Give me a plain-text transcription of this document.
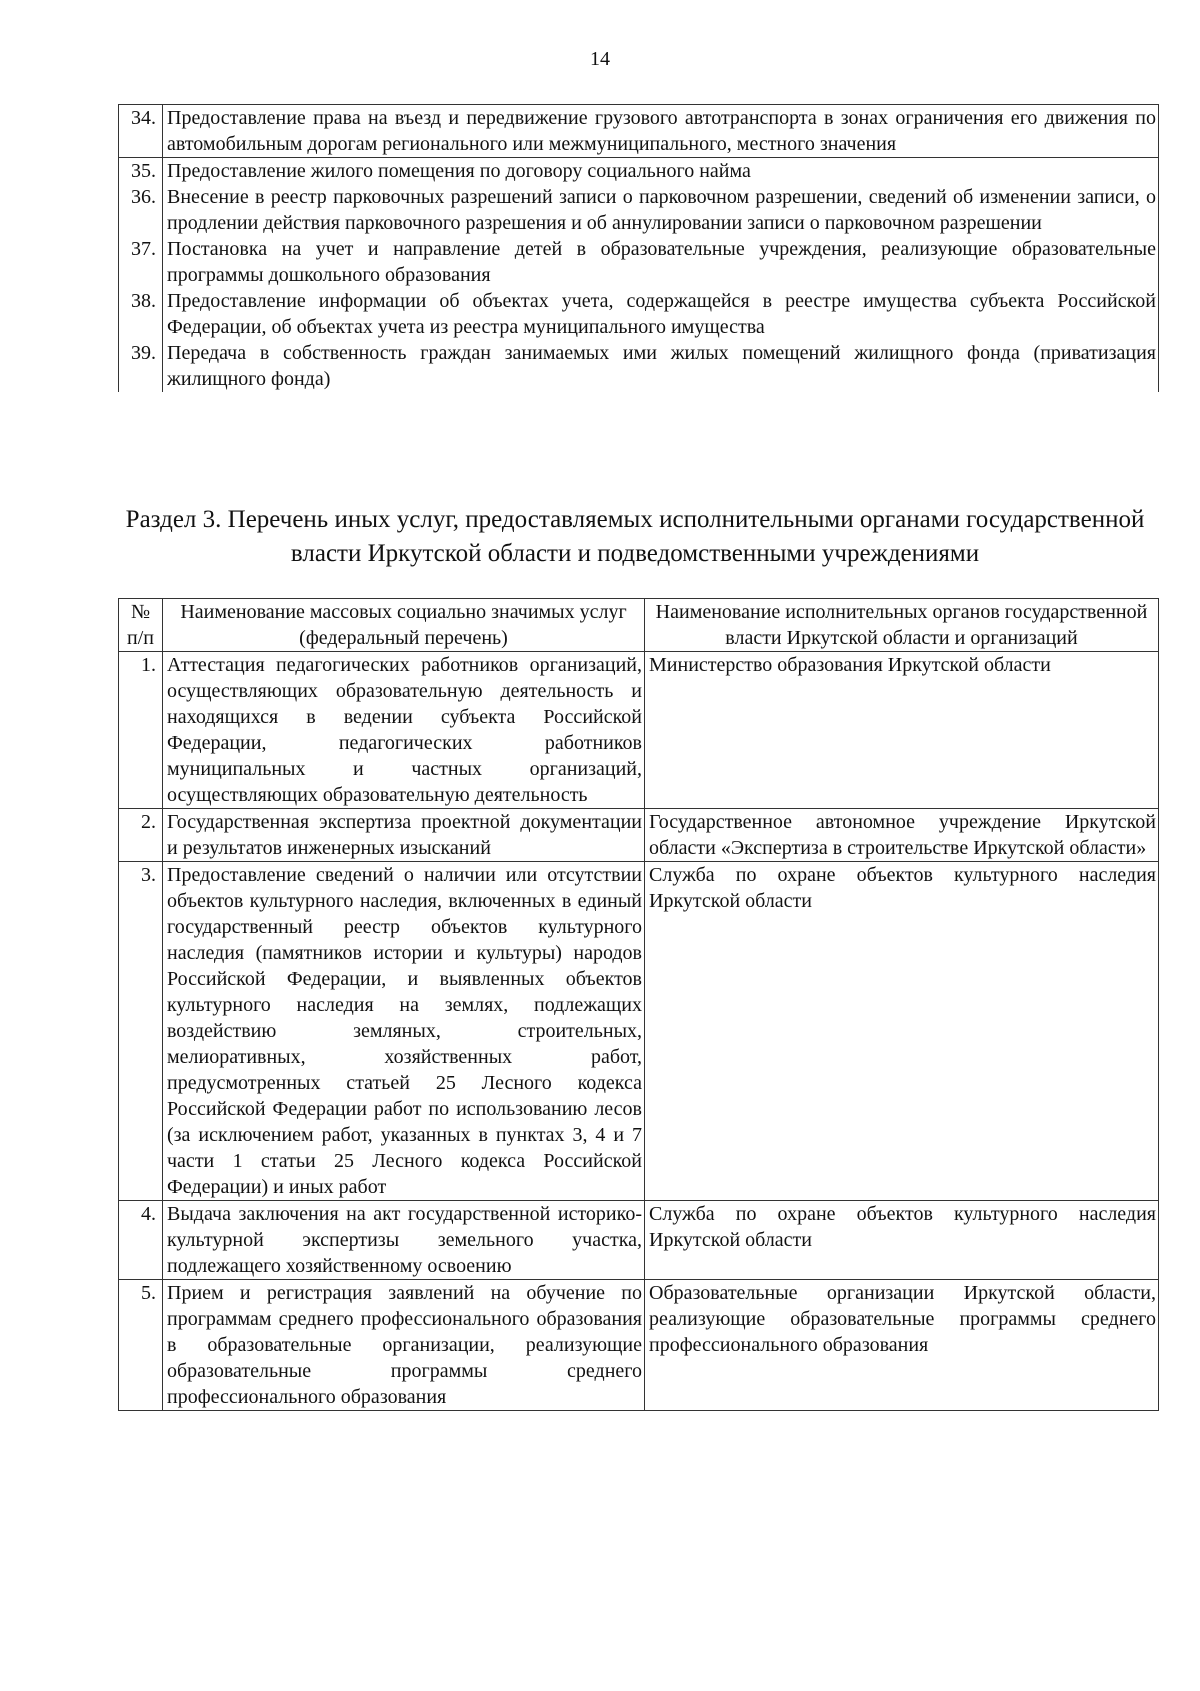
14
34.	Предоставление права на въезд и передвижение грузового автотранспорта в зонах ограничения его движения по автомобильным дорогам регионального или межмуниципального, местного значения
35.	Предоставление жилого помещения по договору социального найма
36.	Внесение в реестр парковочных разрешений записи о парковочном разрешении, сведений об изменении записи, о продлении действия парковочного разрешения и об аннулировании записи о парковочном разрешении
37.	Постановка на учет и направление детей в образовательные учреждения, реализующие образовательные программы дошкольного образования
38.	Предоставление информации об объектах учета, содержащейся в реестре имущества субъекта Российской Федерации, об объектах учета из реестра муниципального имущества
39.	Передача в собственность граждан занимаемых ими жилых помещений жилищного фонда (приватизация жилищного фонда)
Раздел 3. Перечень иных услуг, предоставляемых исполнительными органами государственной власти Иркутской области и подведомственными учреждениями
№ п/п	Наименование массовых социально значимых услуг (федеральный перечень)	Наименование исполнительных органов государственной власти Иркутской области и организаций
1.	Аттестация педагогических работников организаций, осуществляющих образовательную деятельность и находящихся в ведении субъекта Российской Федерации, педагогических работников муниципальных и частных организаций, осуществляющих образовательную деятельность	Министерство образования Иркутской области
2.	Государственная экспертиза проектной документации и результатов инженерных изысканий	Государственное автономное учреждение Иркутской области «Экспертиза в строительстве Иркутской области»
3.	Предоставление сведений о наличии или отсутствии объектов культурного наследия, включенных в единый государственный реестр объектов культурного наследия (памятников истории и культуры) народов Российской Федерации, и выявленных объектов культурного наследия на землях, подлежащих воздействию земляных, строительных, мелиоративных, хозяйственных работ, предусмотренных статьей 25 Лесного кодекса Российской Федерации работ по использованию лесов (за исключением работ, указанных в пунктах 3, 4 и 7 части 1 статьи 25 Лесного кодекса Российской Федерации) и иных работ	Служба по охране объектов культурного наследия Иркутской области
4.	Выдача заключения на акт государственной историко-культурной экспертизы земельного участка, подлежащего хозяйственному освоению	Служба по охране объектов культурного наследия Иркутской области
5.	Прием и регистрация заявлений на обучение по программам среднего профессионального образования в образовательные организации, реализующие образовательные программы среднего профессионального образования	Образовательные организации Иркутской области, реализующие образовательные программы среднего профессионального образования
